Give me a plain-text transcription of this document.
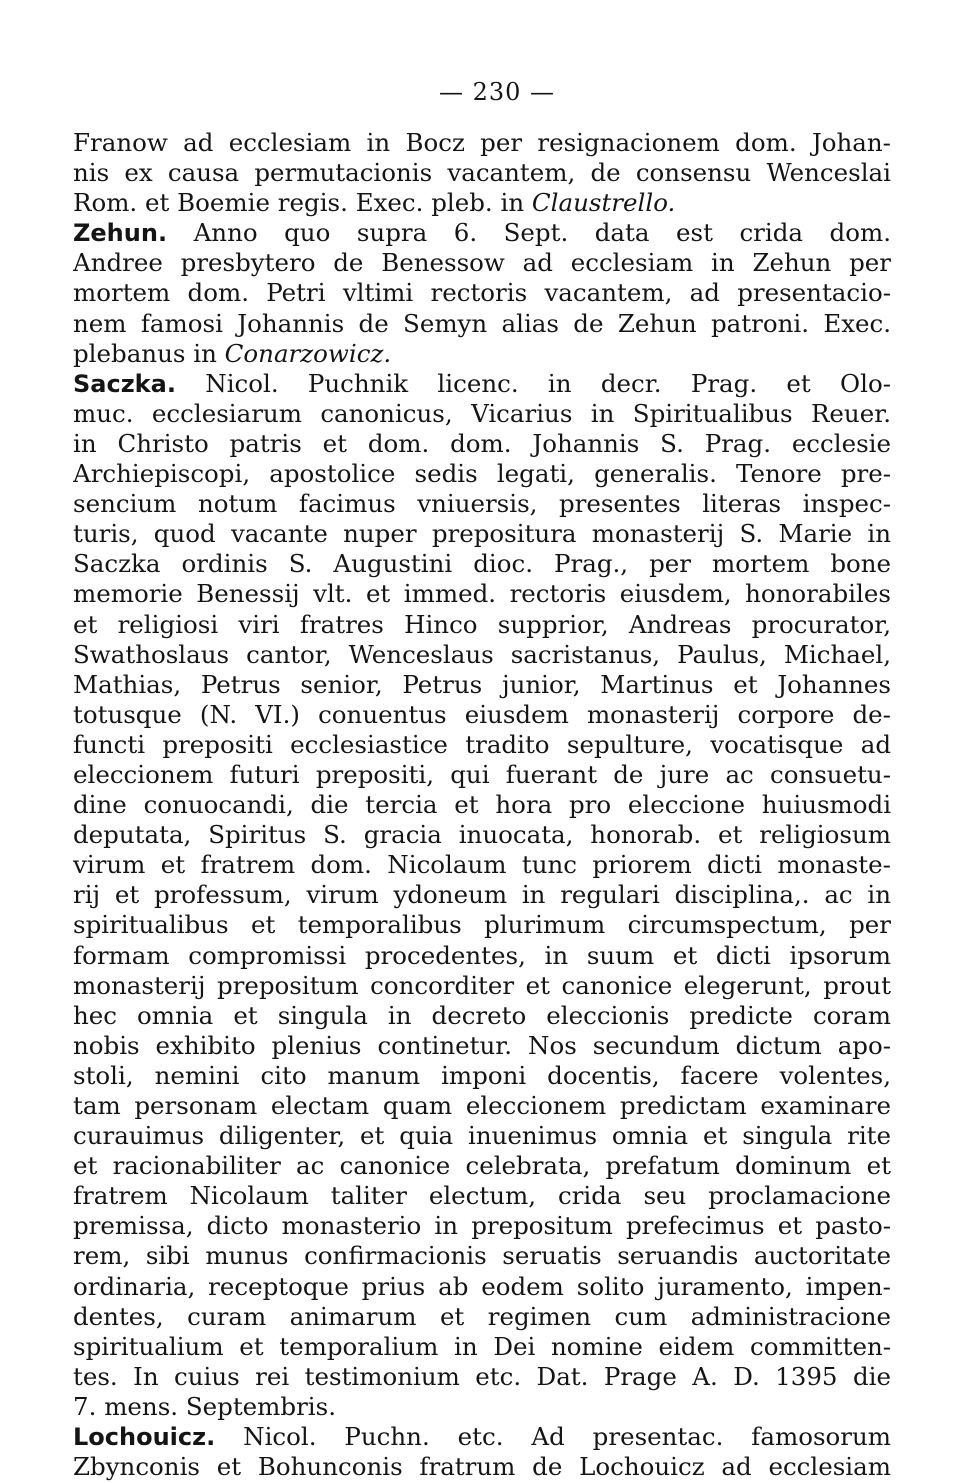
— 230 —
Franow ad ecclesiam in Bocz per resignacionem dom. Johan-
nis ex causa permutacionis vacantem, de consensu Wenceslai
Rom. et Boemie regis. Exec. pleb. in Claustrello.
Zehun. Anno quo supra 6. Sept. data est crida dom.
Andree presbytero de Benessow ad ecclesiam in Zehun per
mortem dom. Petri vltimi rectoris vacantem, ad presentacio-
nem famosi Johannis de Semyn alias de Zehun patroni. Exec.
plebanus in Conarzowicz.
Saczka. Nicol. Puchnik licenc. in decr. Prag. et Olo-
muc. ecclesiarum canonicus, Vicarius in Spiritualibus Reuer.
in Christo patris et dom. dom. Johannis S. Prag. ecclesie
Archiepiscopi, apostolice sedis legati, generalis. Tenore pre-
sencium notum facimus vniuersis, presentes literas inspec-
turis, quod vacante nuper prepositura monasterij S. Marie in
Saczka ordinis S. Augustini dioc. Prag., per mortem bone
memorie Benessij vlt. et immed. rectoris eiusdem, honorabiles
et religiosi viri fratres Hinco supprior, Andreas procurator,
Swathoslaus cantor, Wenceslaus sacristanus, Paulus, Michael,
Mathias, Petrus senior, Petrus junior, Martinus et Johannes
totusque (N. VI.) conuentus eiusdem monasterij corpore de-
functi prepositi ecclesiastice tradito sepulture, vocatisque ad
eleccionem futuri prepositi, qui fuerant de jure ac consuetu-
dine conuocandi, die tercia et hora pro eleccione huiusmodi
deputata, Spiritus S. gracia inuocata, honorab. et religiosum
virum et fratrem dom. Nicolaum tunc priorem dicti monaste-
rij et professum, virum ydoneum in regulari disciplina,. ac in
spiritualibus et temporalibus plurimum circumspectum, per
formam compromissi procedentes, in suum et dicti ipsorum
monasterij prepositum concorditer et canonice elegerunt, prout
hec omnia et singula in decreto eleccionis predicte coram
nobis exhibito plenius continetur. Nos secundum dictum apo-
stoli, nemini cito manum imponi docentis, facere volentes,
tam personam electam quam eleccionem predictam examinare
curauimus diligenter, et quia inuenimus omnia et singula rite
et racionabiliter ac canonice celebrata, prefatum dominum et
fratrem Nicolaum taliter electum, crida seu proclamacione
premissa, dicto monasterio in prepositum prefecimus et pasto-
rem, sibi munus confirmacionis seruatis seruandis auctoritate
ordinaria, receptoque prius ab eodem solito juramento, impen-
dentes, curam animarum et regimen cum administracione
spiritualium et temporalium in Dei nomine eidem committen-
tes. In cuius rei testimonium etc. Dat. Prage A. D. 1395 die
7. mens. Septembris.
Lochouicz. Nicol. Puchn. etc. Ad presentac. famosorum
Zbynconis et Bohunconis fratrum de Lochouicz ad ecclesiam
